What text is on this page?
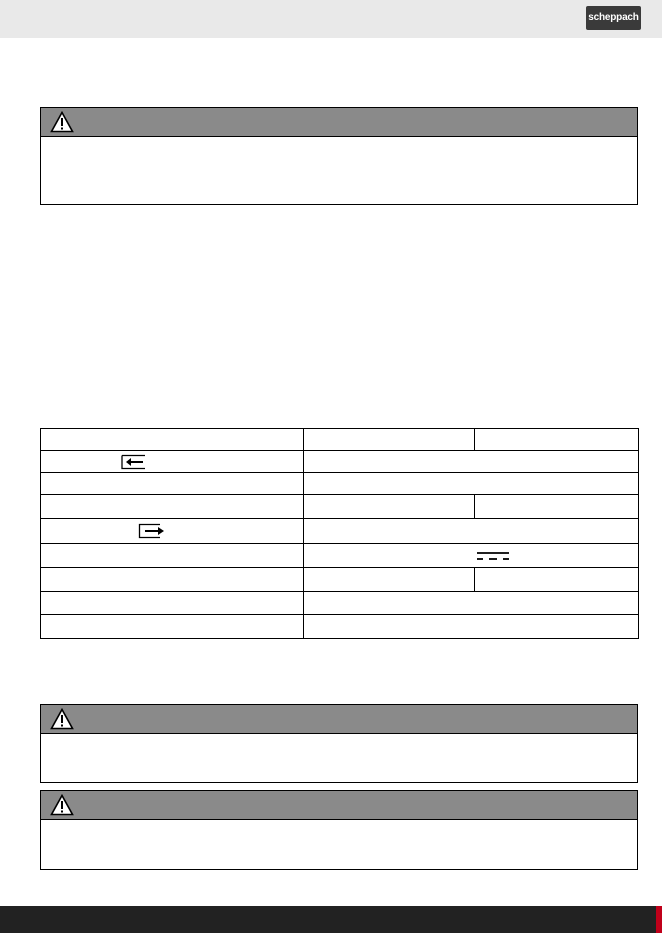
scheppach
